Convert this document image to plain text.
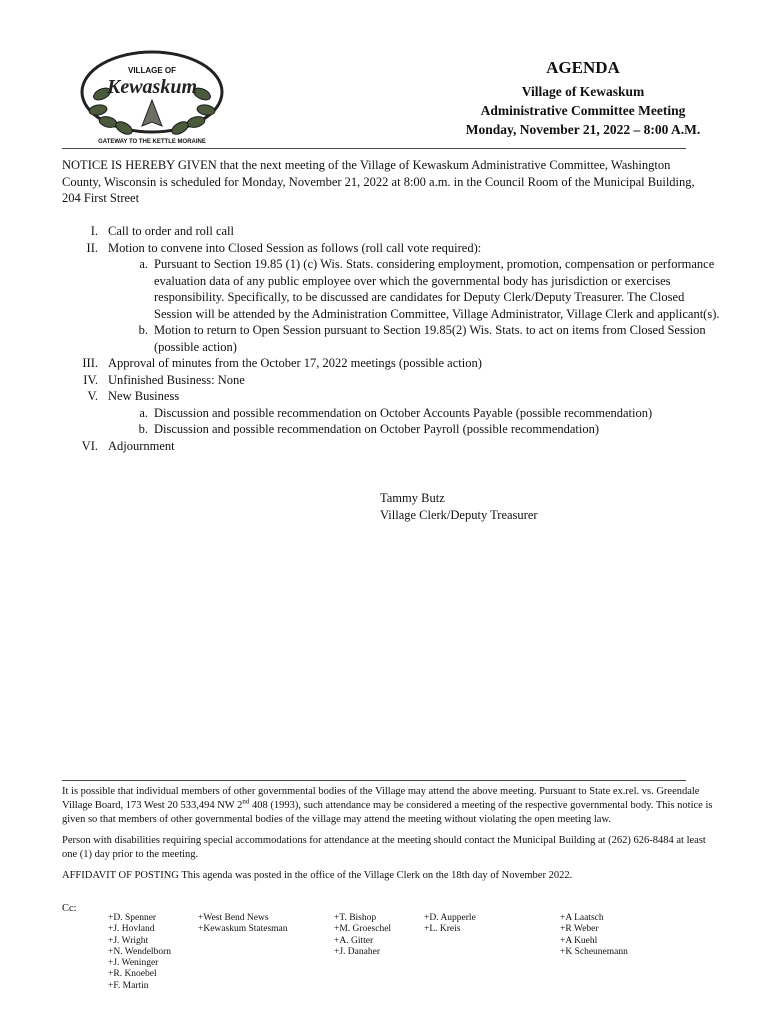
VILLAGE OF
Kewaskum
GATEWAY TO THE KETTLE MORAINE
AGENDA
Village of Kewaskum
Administrative Committee Meeting
Monday, November 21, 2022 – 8:00 A.M.
NOTICE IS HEREBY GIVEN that the next meeting of the Village of Kewaskum Administrative Committee, Washington County, Wisconsin is scheduled for Monday, November 21, 2022 at 8:00 a.m. in the Council Room of the Municipal Building, 204 First Street
I. Call to order and roll call
II. Motion to convene into Closed Session as follows (roll call vote required):
a. Pursuant to Section 19.85 (1) (c) Wis. Stats. considering employment, promotion, compensation or performance evaluation data of any public employee over which the governmental body has jurisdiction or exercises responsibility. Specifically, to be discussed are candidates for Deputy Clerk/Deputy Treasurer. The Closed Session will be attended by the Administration Committee, Village Administrator, Village Clerk and applicant(s).
b. Motion to return to Open Session pursuant to Section 19.85(2) Wis. Stats. to act on items from Closed Session (possible action)
III. Approval of minutes from the October 17, 2022 meetings (possible action)
IV. Unfinished Business: None
V. New Business
a. Discussion and possible recommendation on October Accounts Payable (possible recommendation)
b. Discussion and possible recommendation on October Payroll (possible recommendation)
VI. Adjournment
Tammy Butz
Village Clerk/Deputy Treasurer

It is possible that individual members of other governmental bodies of the Village may attend the above meeting. Pursuant to State ex.rel. vs. Greendale Village Board, 173 West 20 533,494 NW 2nd 408 (1993), such attendance may be considered a meeting of the respective governmental body. This notice is given so that members of other governmental bodies of the village may attend the meeting without violating the open meeting law.

Person with disabilities requiring special accommodations for attendance at the meeting should contact the Municipal Building at (262) 626-8484 at least one (1) day prior to the meeting.

AFFIDAVIT OF POSTING This agenda was posted in the office of the Village Clerk on the 18th day of November 2022.

Cc:
+D. Spenner
+J. Hovland
+J. Wright
+N. Wendelborn
+J. Weninger
+R. Knoebel
+F. Martin
+West Bend News
+Kewaskum Statesman
+T. Bishop
+M. Groeschel
+A. Gitter
+J. Danaher
+D. Aupperle
+L. Kreis
+A Laatsch
+R Weber
+A Kuehl
+K Scheunemann
